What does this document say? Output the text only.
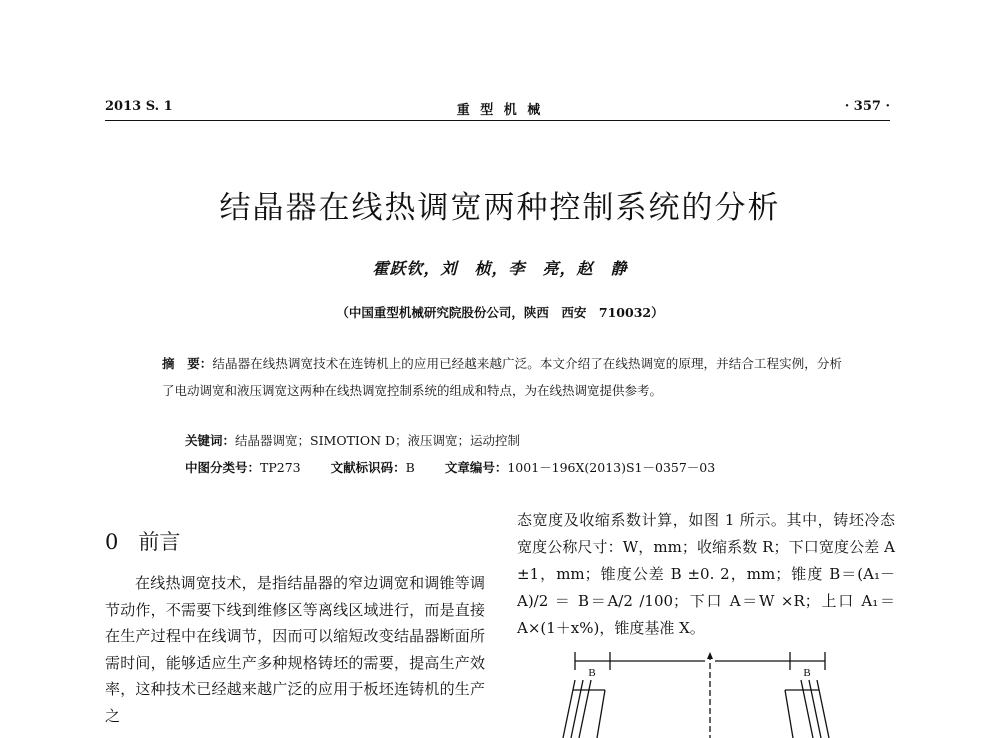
2013 S. 1	重 型 机 械	· 357 ·
结晶器在线热调宽两种控制系统的分析
霍跃钦，刘　桢，李　亮，赵　静
（中国重型机械研究院股份公司，陕西　西安　710032）
摘　要：结晶器在线热调宽技术在连铸机上的应用已经越来越广泛。本文介绍了在线热调宽的原理，并结合工程实例，分析了电动调宽和液压调宽这两种在线热调宽控制系统的组成和特点，为在线热调宽提供参考。
关键词：结晶器调宽；SIMOTION D；液压调宽；运动控制
中图分类号：TP273 文献标识码：B 文章编号：1001－196X(2013)S1－0357－03
0 前言

在线热调宽技术，是指结晶器的窄边调宽和调锥等调节动作，不需要下线到维修区等离线区域进行，而是直接在生产过程中在线调节，因而可以缩短改变结晶器断面所需时间，能够适应生产多种规格铸坯的需要，提高生产效率，这种技术已经越来越广泛的应用于板坯连铸机的生产之

态宽度及收缩系数计算，如图 1 所示。其中，铸坯冷态宽度公称尺寸：W，mm；收缩系数 R；下口宽度公差 A ±1，mm；锥度公差 B ±0. 2，mm；锥度 B＝(A₁－A)/2 ＝ B＝A/2 /100；下口 A＝W ×R；上口 A₁＝A×(1＋x%)，锥度基准 X。

B	B
